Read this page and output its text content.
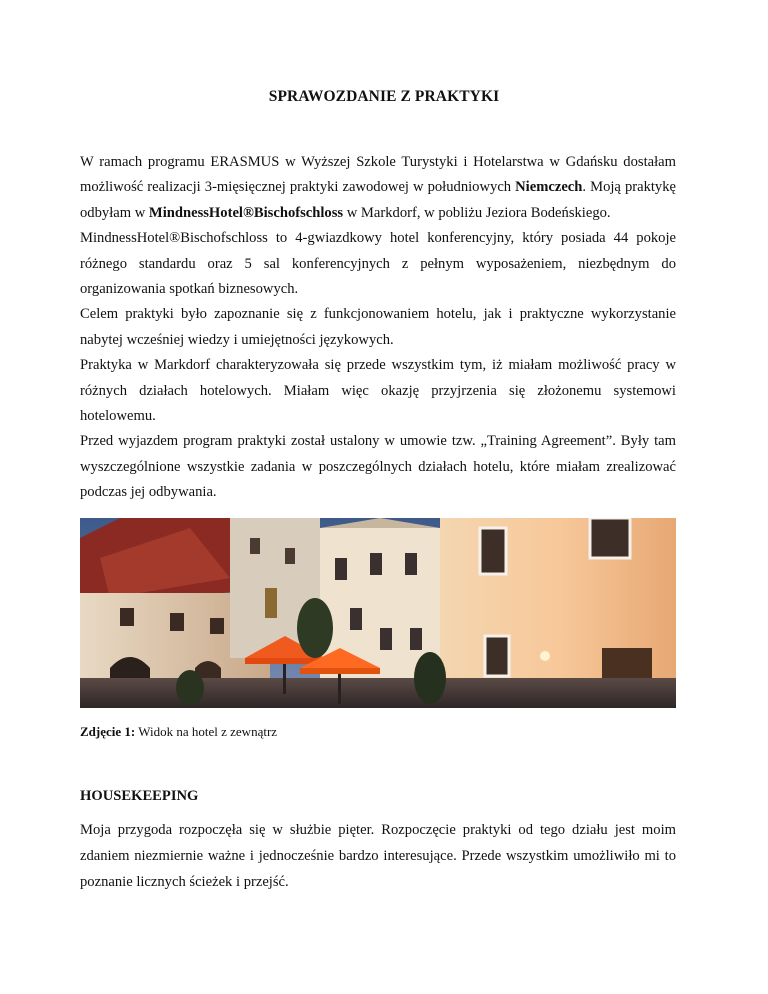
SPRAWOZDANIE Z PRAKTYKI

W ramach programu ERASMUS w Wyższej Szkole Turystyki i Hotelarstwa w Gdańsku dostałam możliwość realizacji 3-mięsięcznej praktyki zawodowej w południowych Niemczech. Moją praktykę odbyłam w MindnessHotel®Bischofschloss w Markdorf, w pobliżu Jeziora Bodeńskiego.

MindnessHotel®Bischofschloss to 4-gwiazdkowy hotel konferencyjny, który posiada 44 pokoje różnego standardu oraz 5 sal konferencyjnych z pełnym wyposażeniem, niezbędnym do organizowania spotkań biznesowych.

Celem praktyki było zapoznanie się z funkcjonowaniem hotelu, jak i praktyczne wykorzystanie nabytej wcześniej wiedzy i umiejętności językowych.

Praktyka w Markdorf charakteryzowała się przede wszystkim tym, iż miałam możliwość pracy w różnych działach hotelowych. Miałam więc okazję przyjrzenia się złożonemu systemowi hotelowemu.

Przed wyjazdem program praktyki został ustalony w umowie tzw. „Training Agreement”. Były tam wyszczególnione wszystkie zadania w poszczególnych działach hotelu, które miałam zrealizować podczas jej odbywania.

Zdjęcie 1: Widok na hotel z zewnątrz
HOUSEKEEPING

Moja przygoda rozpoczęła się w służbie pięter. Rozpoczęcie praktyki od tego działu jest moim zdaniem niezmiernie ważne i jednocześnie bardzo interesujące. Przede wszystkim umożliwiło mi to poznanie licznych ścieżek i przejść.
